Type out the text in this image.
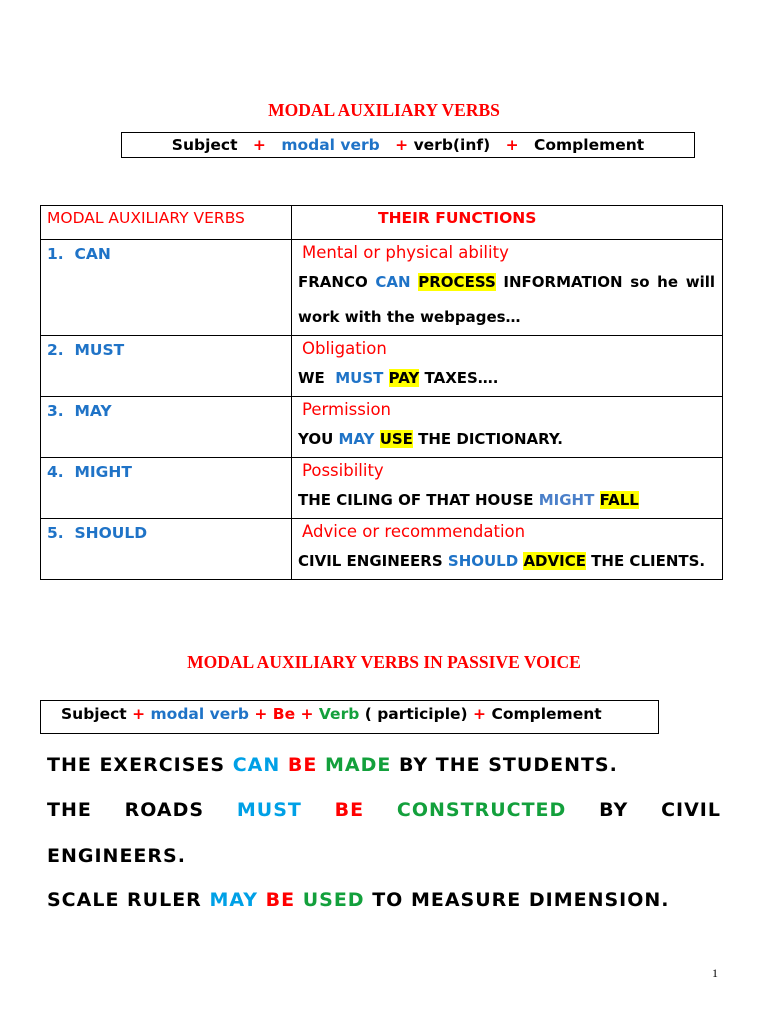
MODAL AUXILIARY VERBS
Subject + modal verb + verb(inf) + Complement
MODAL AUXILIARY VERBS	THEIR FUNCTIONS

1. CAN	Mental or physical ability
FRANCO CAN PROCESS INFORMATION so he will work with the webpages…

2. MUST	Obligation
WE  MUST PAY TAXES….

3. MAY	Permission
YOU MAY USE THE DICTIONARY.

4. MIGHT	Possibility
THE CILING OF THAT HOUSE MIGHT FALL

5. SHOULD	Advice or recommendation
CIVIL ENGINEERS SHOULD ADVICE THE CLIENTS.
MODAL AUXILIARY VERBS IN PASSIVE VOICE
Subject + modal verb + Be + Verb ( participle) + Complement
THE EXERCISES CAN BE MADE BY THE STUDENTS.
THE ROADS MUST BE CONSTRUCTED BY CIVIL
ENGINEERS.
SCALE RULER MAY BE USED TO MEASURE DIMENSION.
1
